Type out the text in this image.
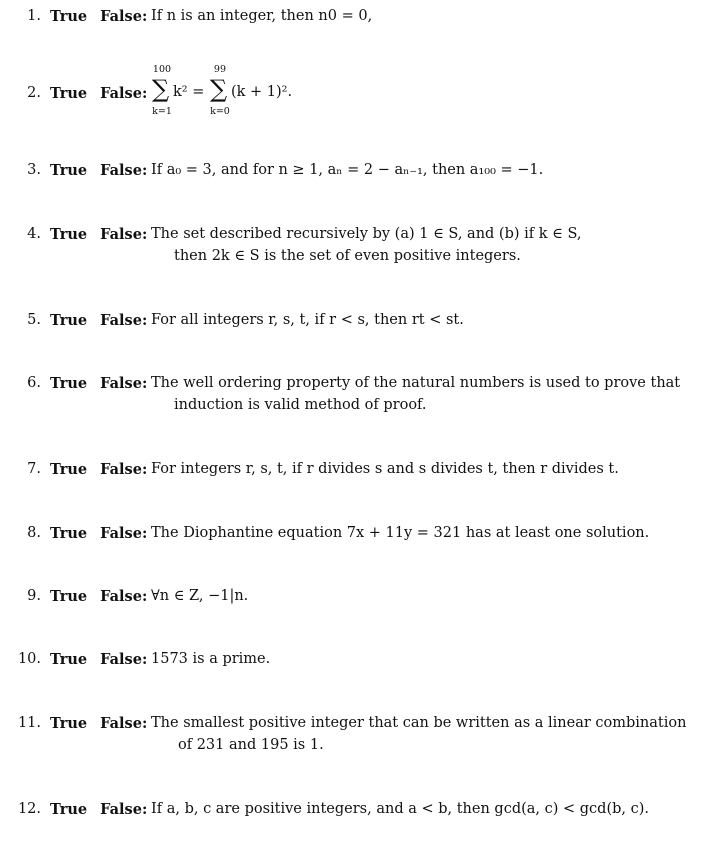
1. True False: If n is an integer, then n0 = 0,
2. True False:
100
∑
k=1
k² =
99
∑
k=0
(k + 1)².
3. True False: If a₀ = 3, and for n ≥ 1, aₙ = 2 − aₙ₋₁, then a₁₀₀ = −1.
4. True False: The set described recursively by (a) 1 ∈ S, and (b) if k ∈ S,
then 2k ∈ S is the set of even positive integers.
5. True False: For all integers r, s, t, if r < s, then rt < st.
6. True False: The well ordering property of the natural numbers is used to prove that
induction is valid method of proof.
7. True False: For integers r, s, t, if r divides s and s divides t, then r divides t.
8. True False: The Diophantine equation 7x + 11y = 321 has at least one solution.
9. True False: ∀n ∈ Z, −1|n.
10. True False: 1573 is a prime.
11. True False: The smallest positive integer that can be written as a linear combination
of 231 and 195 is 1.
12. True False: If a, b, c are positive integers, and a < b, then gcd(a, c) < gcd(b, c).
